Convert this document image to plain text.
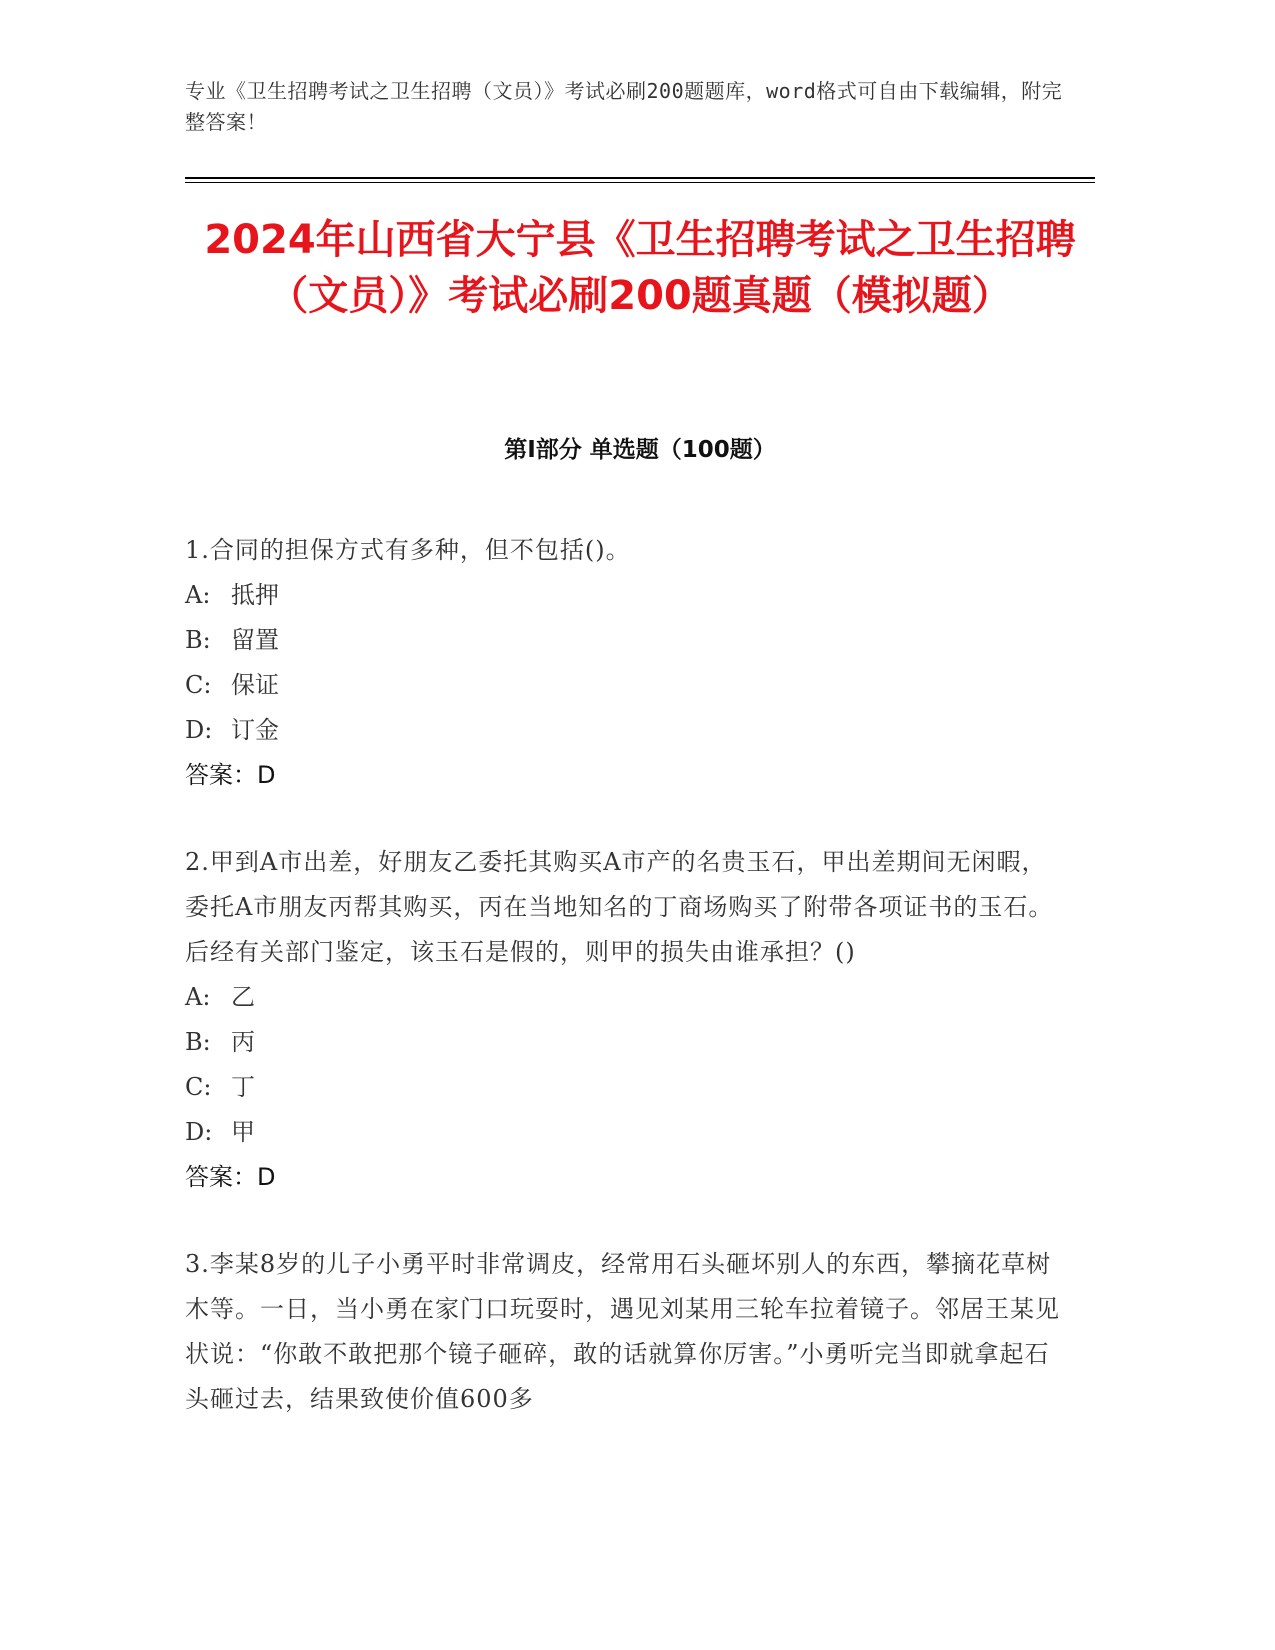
专业《卫生招聘考试之卫生招聘（文员）》考试必刷200题题库，word格式可自由下载编辑，附完整答案！
2024年山西省大宁县《卫生招聘考试之卫生招聘（文员）》考试必刷200题真题（模拟题）
第I部分 单选题（100题）
1.合同的担保方式有多种，但不包括()。
A: 抵押
B: 留置
C: 保证
D: 订金
答案：D
2.甲到A市出差，好朋友乙委托其购买A市产的名贵玉石，甲出差期间无闲暇，委托A市朋友丙帮其购买，丙在当地知名的丁商场购买了附带各项证书的玉石。后经有关部门鉴定，该玉石是假的，则甲的损失由谁承担？()
A: 乙
B: 丙
C: 丁
D: 甲
答案：D
3.李某8岁的儿子小勇平时非常调皮，经常用石头砸坏别人的东西，攀摘花草树木等。一日，当小勇在家门口玩耍时，遇见刘某用三轮车拉着镜子。邻居王某见状说：“你敢不敢把那个镜子砸碎，敢的话就算你厉害。”小勇听完当即就拿起石头砸过去，结果致使价值600多
